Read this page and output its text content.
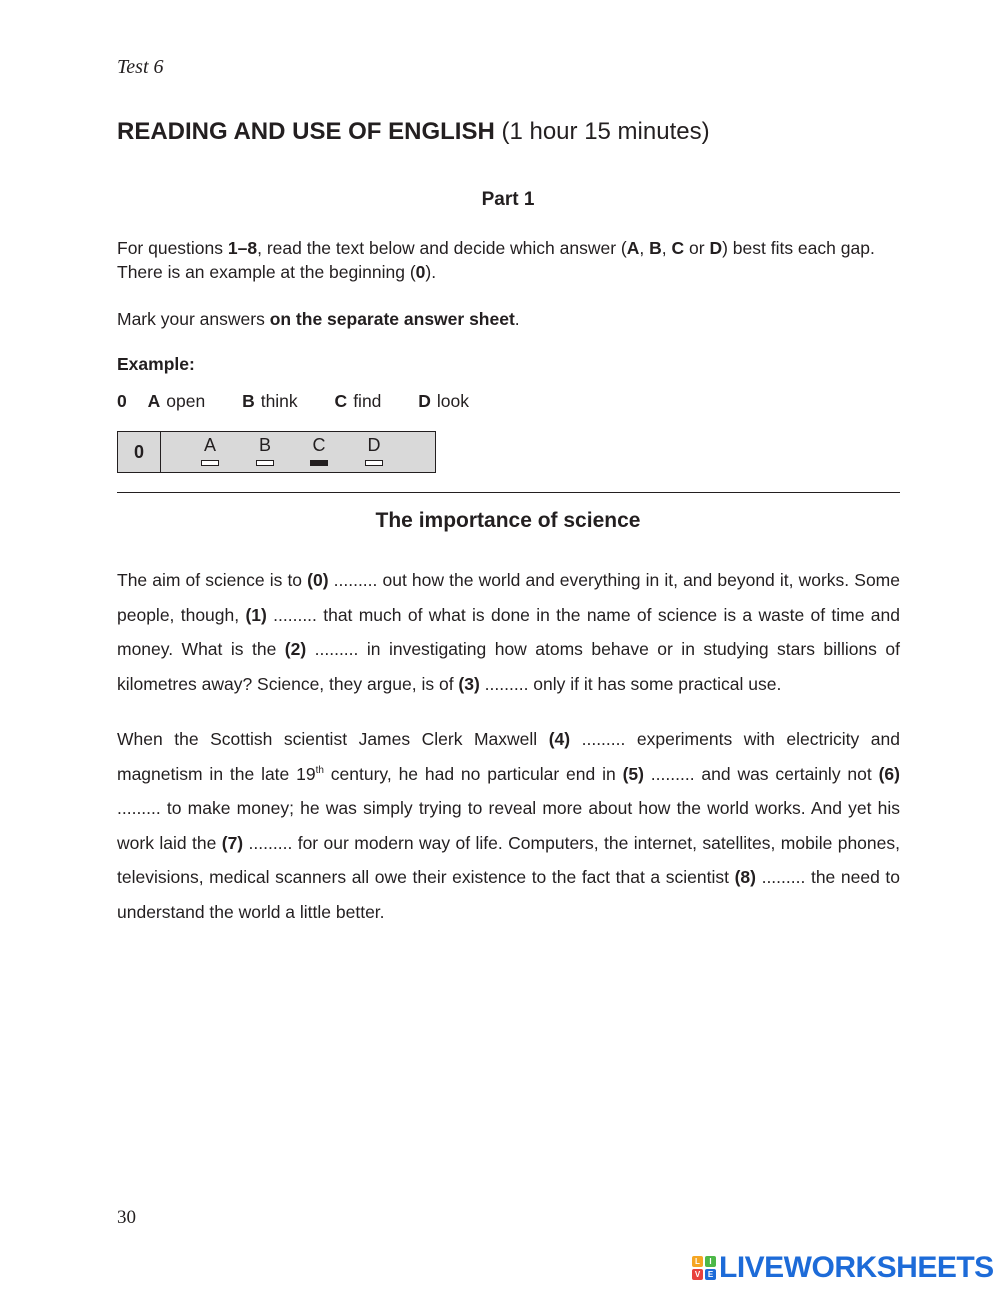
Test 6
READING AND USE OF ENGLISH (1 hour 15 minutes)
Part 1
For questions 1–8, read the text below and decide which answer (A, B, C or D) best fits each gap. There is an example at the beginning (0).
Mark your answers on the separate answer sheet.
Example:
0 A open B think C find D look
0	A B C D
The importance of science
The aim of science is to (0) ......... out how the world and everything in it, and beyond it, works. Some people, though, (1) ......... that much of what is done in the name of science is a waste of time and money. What is the (2) ......... in investigating how atoms behave or in studying stars billions of kilometres away? Science, they argue, is of (3) ......... only if it has some practical use.
When the Scottish scientist James Clerk Maxwell (4) ......... experiments with electricity and magnetism in the late 19th century, he had no particular end in (5) ......... and was certainly not (6) ......... to make money; he was simply trying to reveal more about how the world works. And yet his work laid the (7) ......... for our modern way of life. Computers, the internet, satellites, mobile phones, televisions, medical scanners all owe their existence to the fact that a scientist (8) ......... the need to understand the world a little better.
30
L	I
V E LIVEWORKSHEETS
